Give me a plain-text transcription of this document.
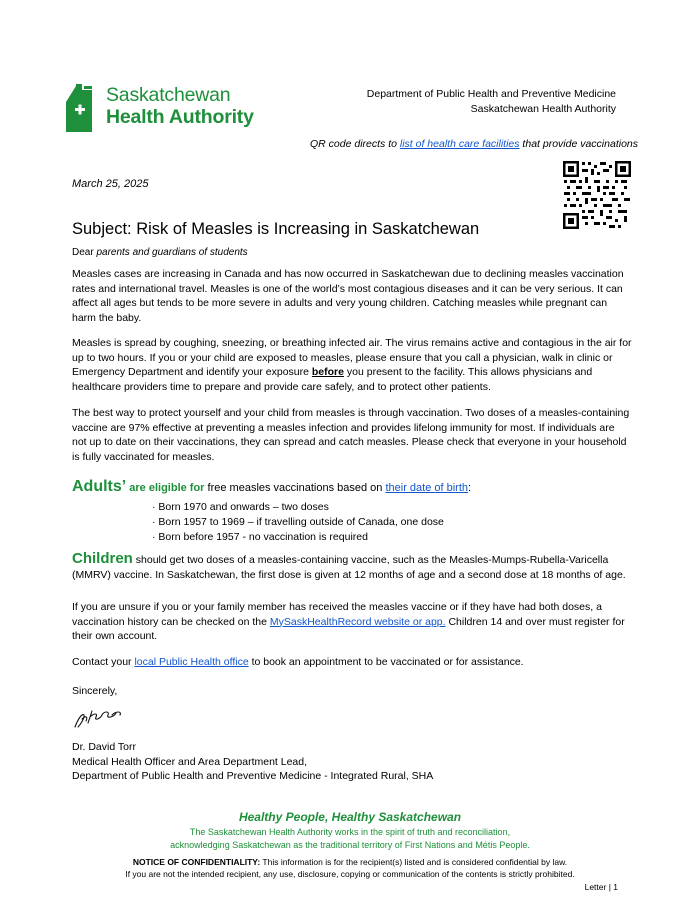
Saskatchewan
Health Authority
Department of Public Health and Preventive Medicine
Saskatchewan Health Authority
QR code directs to list of health care facilities that provide vaccinations
March 25, 2025
Subject: Risk of Measles is Increasing in Saskatchewan
Dear parents and guardians of students
Measles cases are increasing in Canada and has now occurred in Saskatchewan due to declining measles vaccination rates and international travel. Measles is one of the world’s most contagious diseases and it can be very serious. It can affect all ages but tends to be more severe in adults and very young children. Catching measles while pregnant can harm the baby.
Measles is spread by coughing, sneezing, or breathing infected air. The virus remains active and contagious in the air for up to two hours. If you or your child are exposed to measles, please ensure that you call a physician, walk in clinic or Emergency Department and identify your exposure before you present to the facility. This allows physicians and healthcare providers time to prepare and provide care safely, and to protect other patients.
The best way to protect yourself and your child from measles is through vaccination. Two doses of a measles-containing vaccine are 97% effective at preventing a measles infection and provides lifelong immunity for most. If individuals are not up to date on their vaccinations, they can spread and catch measles. Please check that everyone in your household is fully vaccinated for measles.
Adults’ are eligible for free measles vaccinations based on their date of birth:
· Born 1970 and onwards – two doses
· Born 1957 to 1969 – if travelling outside of Canada, one dose
· Born before 1957 - no vaccination is required
Children should get two doses of a measles-containing vaccine, such as the Measles-Mumps-Rubella-Varicella (MMRV) vaccine. In Saskatchewan, the first dose is given at 12 months of age and a second dose at 18 months of age.
If you are unsure if you or your family member has received the measles vaccine or if they have had both doses, a vaccination history can be checked on the MySaskHealthRecord website or app. Children 14 and over must register for their own account.
Contact your local Public Health office to book an appointment to be vaccinated or for assistance.
Sincerely,
Dr. David Torr
Medical Health Officer and Area Department Lead,
Department of Public Health and Preventive Medicine - Integrated Rural, SHA
Healthy People, Healthy Saskatchewan
The Saskatchewan Health Authority works in the spirit of truth and reconciliation,
acknowledging Saskatchewan as the traditional territory of First Nations and Métis People.
NOTICE OF CONFIDENTIALITY: This information is for the recipient(s) listed and is considered confidential by law.
If you are not the intended recipient, any use, disclosure, copying or communication of the contents is strictly prohibited.
Letter | 1
